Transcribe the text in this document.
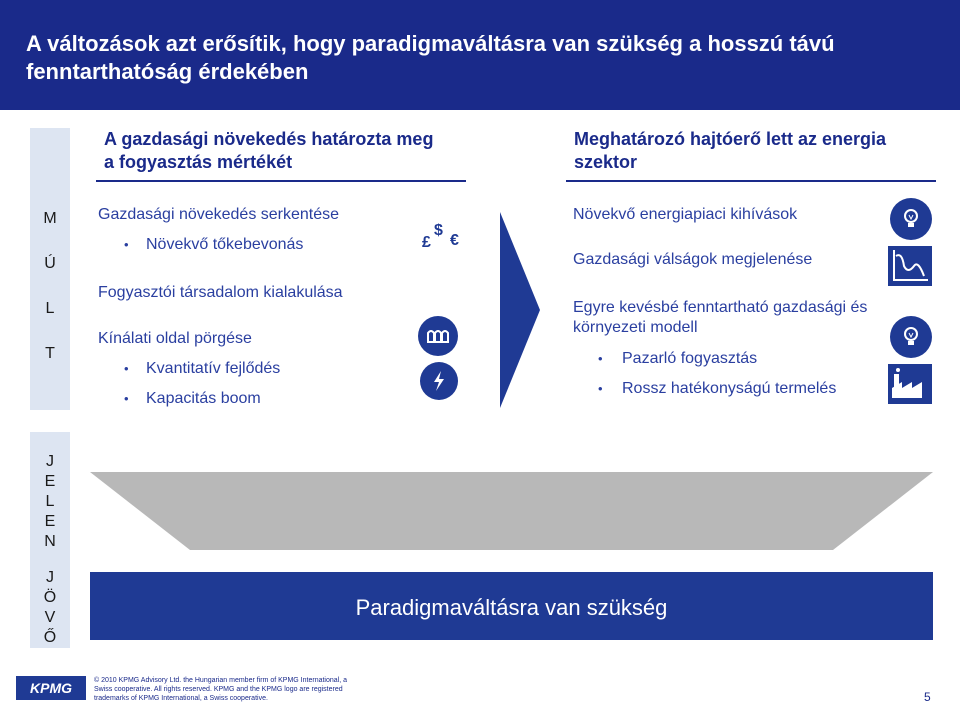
A változások azt erősítik, hogy paradigmaváltásra van szükség a hosszú távú fenntarthatóság érdekében
M
Ú
L
T
J
E
L
E
N
J
Ö
V
Ő
A gazdasági növekedés határozta meg a fogyasztás mértékét
Meghatározó hajtóerő lett az energia szektor
Gazdasági növekedés serkentése
• Növekvő tőkebevonás
Fogyasztói társadalom kialakulása
Kínálati oldal pörgése
• Kvantitatív fejlődés
• Kapacitás boom
£
$
€
Növekvő energiapiaci kihívások
Gazdasági válságok megjelenése
Egyre kevésbé fenntartható gazdasági és környezeti modell
• Pazarló fogyasztás
• Rossz hatékonyságú termelés
Paradigmaváltásra van szükség
KPMG	© 2010 KPMG Advisory Ltd. the Hungarian member firm of KPMG International, a Swiss cooperative. All rights reserved. KPMG and the KPMG logo are registered trademarks of KPMG International, a Swiss cooperative.	5
